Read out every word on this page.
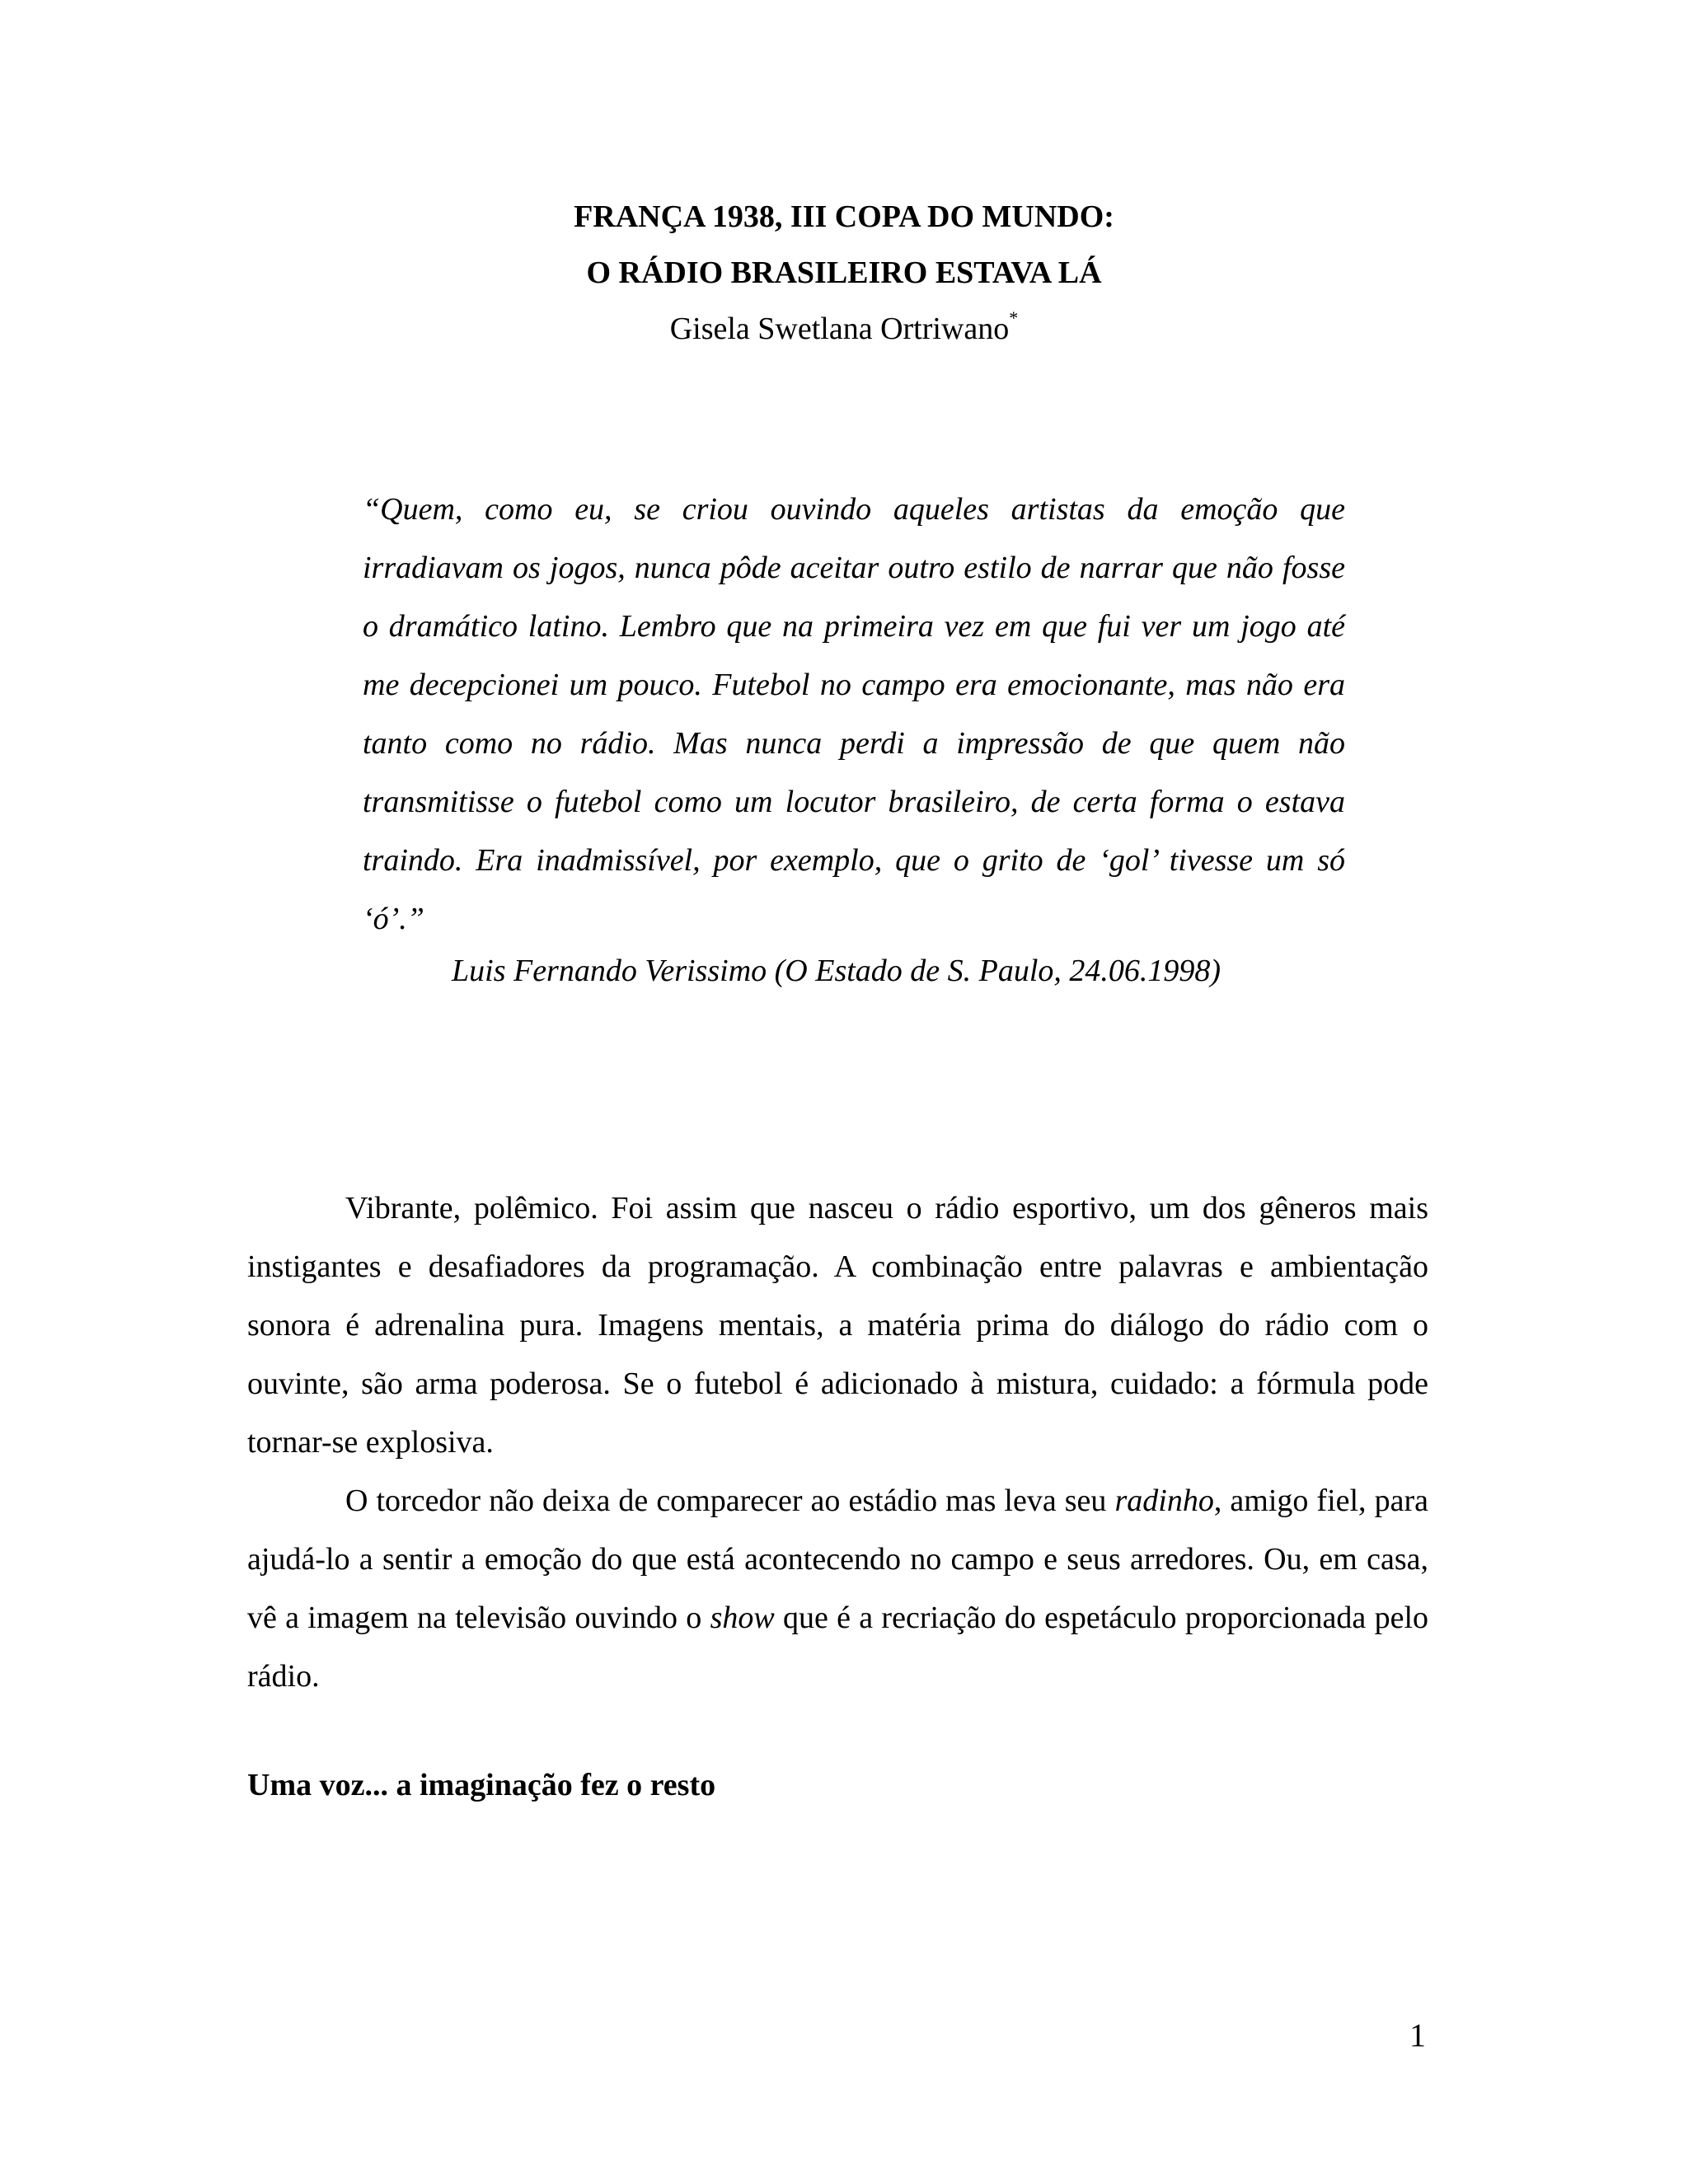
FRANÇA 1938, III COPA DO MUNDO:
O RÁDIO BRASILEIRO ESTAVA LÁ

Gisela Swetlana Ortriwano*

“Quem, como eu, se criou ouvindo aqueles artistas da emoção que irradiavam os jogos, nunca pôde aceitar outro estilo de narrar que não fosse o dramático latino. Lembro que na primeira vez em que fui ver um jogo até me decepcionei um pouco. Futebol no campo era emocionante, mas não era tanto como no rádio. Mas nunca perdi a impressão de que quem não transmitisse o futebol como um locutor brasileiro, de certa forma o estava traindo. Era inadmissível, por exemplo, que o grito de ‘gol’ tivesse um só ‘ó’.”

Luis Fernando Verissimo (O Estado de S. Paulo, 24.06.1998)

Vibrante, polêmico. Foi assim que nasceu o rádio esportivo, um dos gêneros mais instigantes e desafiadores da programação. A combinação entre palavras e ambientação sonora é adrenalina pura. Imagens mentais, a matéria prima do diálogo do rádio com o ouvinte, são arma poderosa. Se o futebol é adicionado à mistura, cuidado: a fórmula pode tornar-se explosiva.

O torcedor não deixa de comparecer ao estádio mas leva seu radinho, amigo fiel, para ajudá-lo a sentir a emoção do que está acontecendo no campo e seus arredores. Ou, em casa, vê a imagem na televisão ouvindo o show que é a recriação do espetáculo proporcionada pelo rádio.

Uma voz... a imaginação fez o resto

1
